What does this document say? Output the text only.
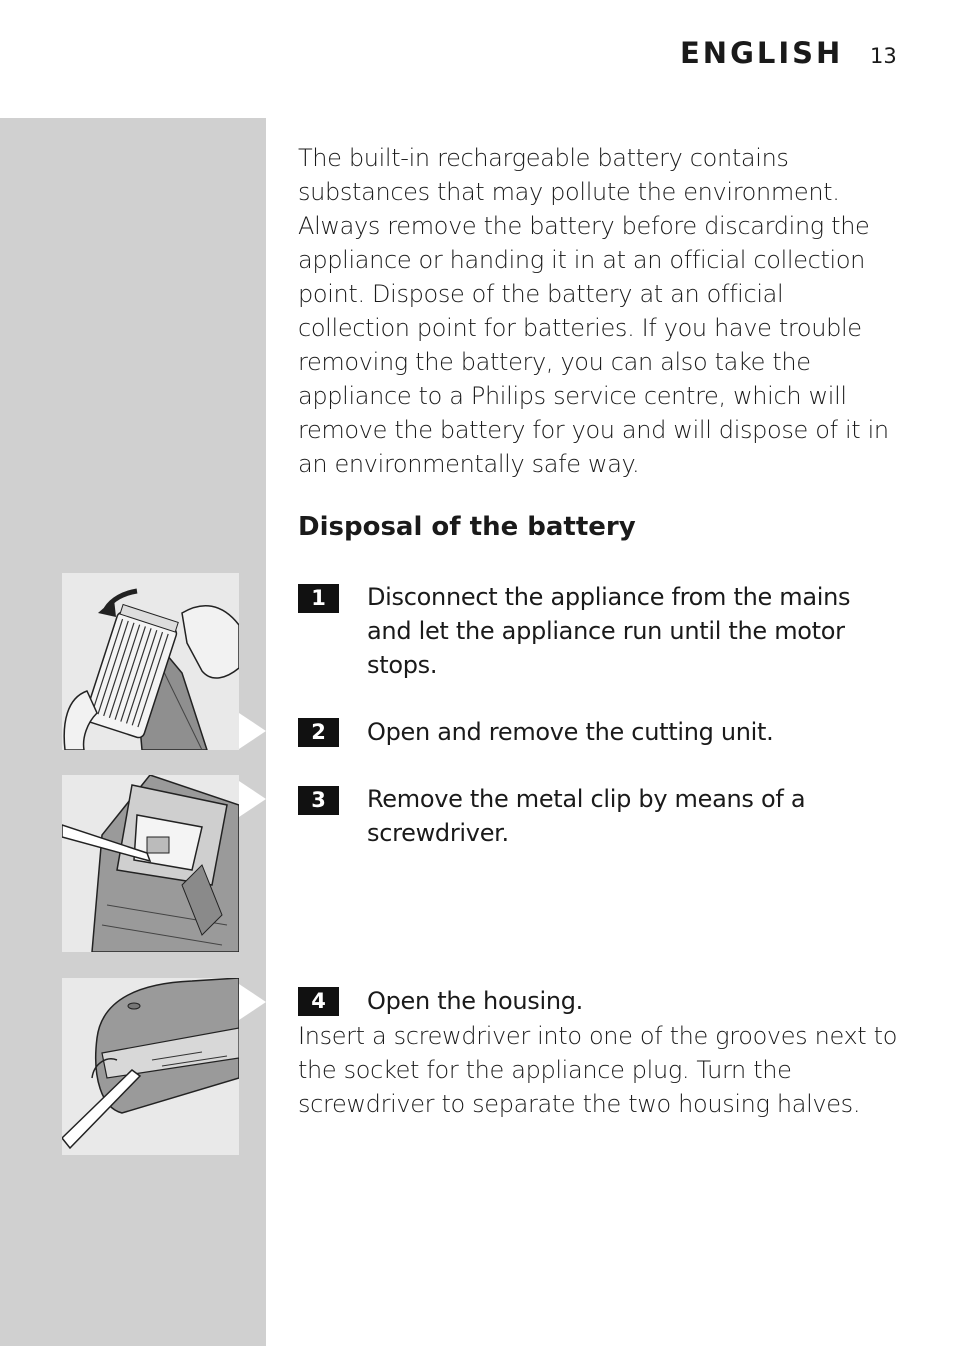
ENGLISH 13

The built-in rechargeable battery contains substances that may pollute the environment. Always remove the battery before discarding the appliance or handing it in at an official collection point. Dispose of the battery at an official collection point for batteries. If you have trouble removing the battery, you can also take the appliance to a Philips service centre, which will remove the battery for you and will dispose of it in an environmentally safe way.

Disposal of the battery
1	Disconnect the appliance from the mains and let the appliance run until the motor stops.

2	Open and remove the cutting unit.

3	Remove the metal clip by means of a screwdriver.

4	Open the housing.

Insert a screwdriver into one of the grooves next to the socket for the appliance plug. Turn the screwdriver to separate the two housing halves.
